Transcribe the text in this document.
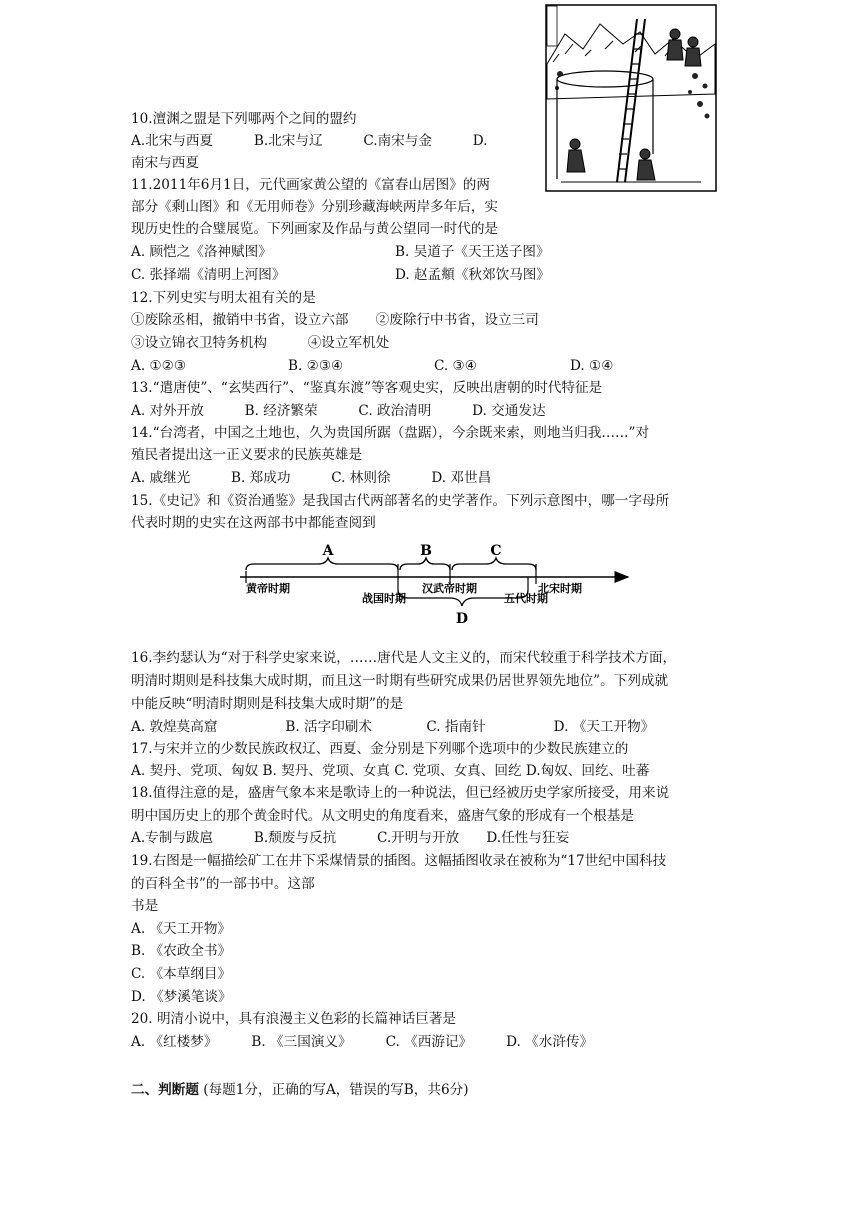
10.澶渊之盟是下列哪两个之间的盟约
A.北宋与西夏　　　B.北宋与辽　　　C.南宋与金　　　D.
南宋与西夏
11.2011年6月1日，元代画家黄公望的《富春山居图》的两
部分《剩山图》和《无用师卷》分别珍藏海峡两岸多年后，实
现历史性的合璧展览。下列画家及作品与黄公望同一时代的是
A. 顾恺之《洛神赋图》	B. 吴道子《天王送子图》
C. 张择端《清明上河图》	D. 赵孟頫《秋郊饮马图》
12.下列史实与明太祖有关的是
①废除丞相，撤销中书省，设立六部　　②废除行中书省，设立三司
③设立锦衣卫特务机构　　　④设立军机处
A. ①②③	B. ②③④	C. ③④	D. ①④
13.“遣唐使”、“玄奘西行”、“鉴真东渡”等客观史实，反映出唐朝的时代特征是
A. 对外开放　　　B. 经济繁荣　　　C. 政治清明　　　D. 交通发达
14.“台湾者，中国之土地也，久为贵国所踞（盘踞），今余既来索，则地当归我……”对
殖民者提出这一正义要求的民族英雄是
A. 戚继光　　　B. 郑成功　　　C. 林则徐　　　D. 邓世昌
15.《史记》和《资治通鉴》是我国古代两部著名的史学著作。下列示意图中，哪一字母所
代表时期的史实在这两部书中都能查阅到
A	B	C
D
黄帝时期
战国时期
汉武帝时期
五代时期
北宋时期
16.李约瑟认为“对于科学史家来说，……唐代是人文主义的，而宋代较重于科学技术方面，
明清时期则是科技集大成时期，而且这一时期有些研究成果仍居世界领先地位”。下列成就
中能反映“明清时期则是科技集大成时期”的是
A. 敦煌莫高窟　　　　　B. 活字印刷术　　　　C. 指南针　　　　　D. 《天工开物》
17.与宋并立的少数民族政权辽、西夏、金分别是下列哪个选项中的少数民族建立的
A. 契丹、党项、匈奴 B. 契丹、党项、女真 C. 党项、女真、回纥 D.匈奴、回纥、吐蕃
18.值得注意的是，盛唐气象本来是歌诗上的一种说法，但已经被历史学家所接受，用来说
明中国历史上的那个黄金时代。从文明史的角度看来，盛唐气象的形成有一个根基是
A.专制与跋扈　　　B.颓废与反抗　　　C.开明与开放　　D.任性与狂妄
19.右图是一幅描绘矿工在井下采煤情景的插图。这幅插图收录在被称为“17世纪中国科技
的百科全书”的一部书中。这部
书是
A. 《天工开物》
B. 《农政全书》
C. 《本草纲目》
D. 《梦溪笔谈》
20. 明清小说中，具有浪漫主义色彩的长篇神话巨著是
A. 《红楼梦》　　　B. 《三国演义》　　　C. 《西游记》　　　D. 《水浒传》
二、判断题 (每题1分，正确的写A，错误的写B，共6分)
